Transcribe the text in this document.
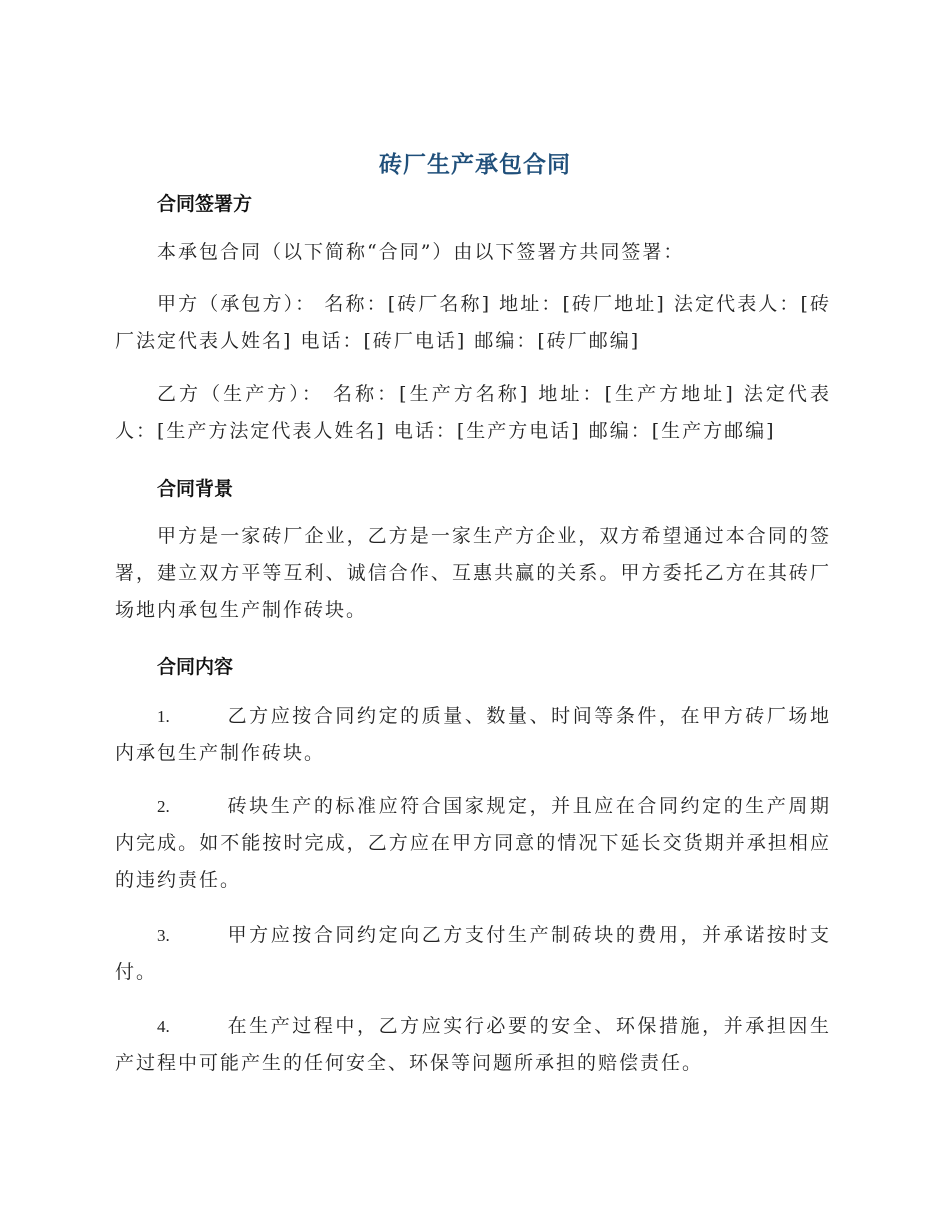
砖厂生产承包合同
合同签署方

本承包合同（以下简称“合同”）由以下签署方共同签署：

甲方（承包方）： 名称：[砖厂名称] 地址：[砖厂地址] 法定代表人：[砖厂法定代表人姓名] 电话：[砖厂电话] 邮编：[砖厂邮编]

乙方（生产方）： 名称：[生产方名称] 地址：[生产方地址] 法定代表人：[生产方法定代表人姓名] 电话：[生产方电话] 邮编：[生产方邮编]

合同背景

甲方是一家砖厂企业，乙方是一家生产方企业，双方希望通过本合同的签署，建立双方平等互利、诚信合作、互惠共赢的关系。甲方委托乙方在其砖厂场地内承包生产制作砖块。

合同内容

1.	乙方应按合同约定的质量、数量、时间等条件，在甲方砖厂场地内承包生产制作砖块。

2.	砖块生产的标准应符合国家规定，并且应在合同约定的生产周期内完成。如不能按时完成，乙方应在甲方同意的情况下延长交货期并承担相应的违约责任。

3.	甲方应按合同约定向乙方支付生产制砖块的费用，并承诺按时支付。

4.	在生产过程中，乙方应实行必要的安全、环保措施，并承担因生产过程中可能产生的任何安全、环保等问题所承担的赔偿责任。
